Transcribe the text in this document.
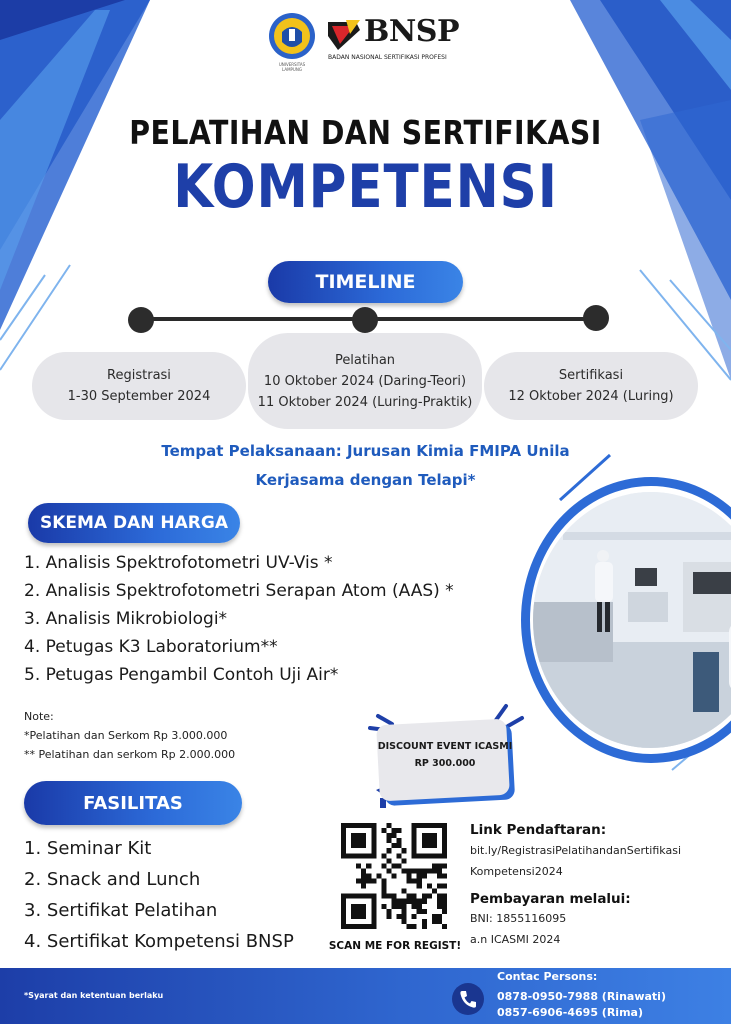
BNSP
BADAN NASIONAL SERTIFIKASI PROFESI
PELATIHAN DAN SERTIFIKASI
KOMPETENSI
TIMELINE
Registrasi
1-30 September 2024
Pelatihan
10 Oktober 2024 (Daring-Teori)
11 Oktober 2024 (Luring-Praktik)
Sertifikasi
12 Oktober 2024 (Luring)
Tempat Pelaksanaan: Jurusan Kimia FMIPA Unila
Kerjasama dengan Telapi*
SKEMA DAN HARGA
1. Analisis Spektrofotometri UV-Vis *
2. Analisis Spektrofotometri Serapan Atom (AAS) *
3. Analisis Mikrobiologi*
4. Petugas K3 Laboratorium**
5. Petugas Pengambil Contoh Uji Air*
Note:
*Pelatihan dan Serkom Rp 3.000.000
** Pelatihan dan serkom Rp 2.000.000
DISCOUNT EVENT ICASMI
RP 300.000
FASILITAS
1. Seminar Kit
2. Snack and Lunch
3. Sertifikat Pelatihan
4. Sertifikat Kompetensi BNSP	SCAN ME FOR REGIST!
Link Pendaftaran:
bit.ly/RegistrasiPelatihandanSertifikasi
Kompetensi2024
Pembayaran melalui:
BNI: 1855116095
a.n ICASMI 2024
*Syarat dan ketentuan berlaku
Contac Persons:
0878-0950-7988 (Rinawati)
0857-6906-4695 (Rima)
UNIVERSITAS LAMPUNG
